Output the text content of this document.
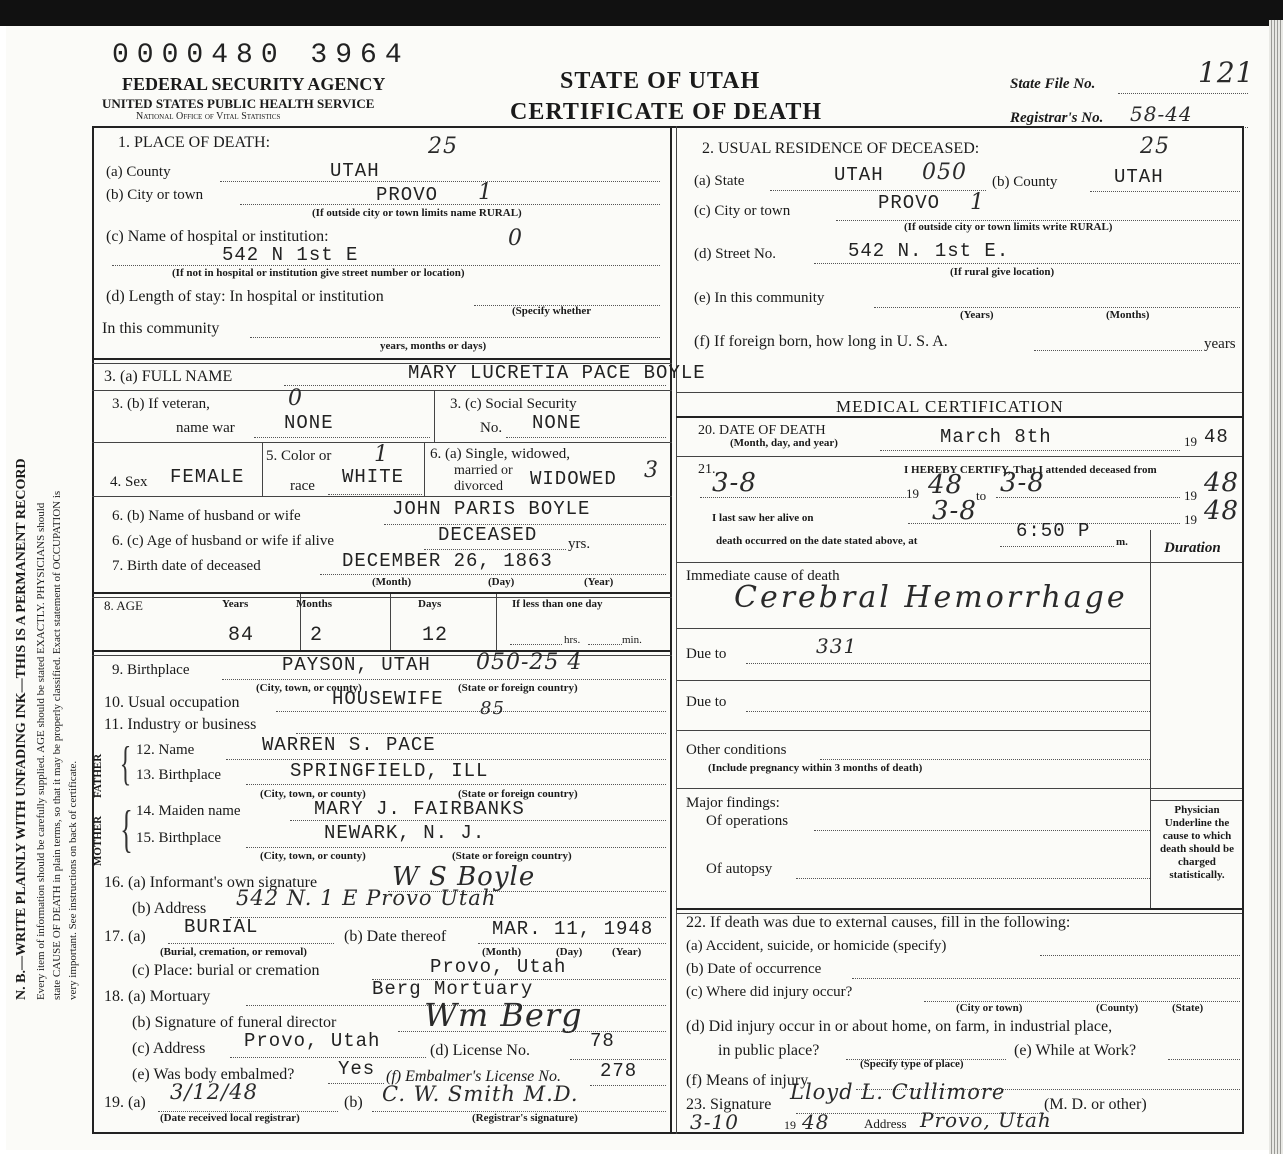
0000480 3964
FEDERAL SECURITY AGENCY
UNITED STATES PUBLIC HEALTH SERVICE
National Office of Vital Statistics
STATE OF UTAH
CERTIFICATE OF DEATH
State File No.	121
Registrar's No. 58-44
N. B.—WRITE PLAINLY WITH UNFADING INK—THIS IS A PERMANENT RECORD Every item of information should be carefully supplied. AGE should be stated EXACTLY. PHYSICIANS should state CAUSE OF DEATH in plain terms, so that it may be properly classified. Exact statement of OCCUPATION is very important. See instructions on back of certificate.
1. PLACE OF DEATH:	25
(a) County	UTAH
(b) City or town	PROVO 1
(If outside city or town limits name RURAL)
(c) Name of hospital or institution:	0
542 N 1st E
(If not in hospital or institution give street number or location)
(d) Length of stay: In hospital or institution
(Specify whether
In this community
years, months or days)
2. USUAL RESIDENCE OF DECEASED:	25
(a) State	UTAH 050 (b) County	UTAH
(c) City or town	PROVO 1
(If outside city or town limits write RURAL)
(d) Street No.	542 N. 1st E.
(If rural give location)
(e) In this community
(Years)	(Months)
(f) If foreign born, how long in U. S. A.	years
3. (a) FULL NAME	MARY LUCRETIA PACE BOYLE
3. (b) If veteran,	0
name war	NONE
3. (c) Social Security
No. NONE
4. Sex FEMALE
5. Color or 1
race WHITE
6. (a) Single, widowed,
married or
divorced WIDOWED 3
6. (b) Name of husband or wife	JOHN PARIS BOYLE
6. (c) Age of husband or wife if alive	DECEASED yrs.
7. Birth date of deceased	DECEMBER 26, 1863
(Month)	(Day)	(Year)
8. AGE	Years	Months	Days	If less than one day
84	2	12	hrs.	min.
9. Birthplace	PAYSON, UTAH 050-25 4
(City, town, or county)	(State or foreign country)
10. Usual occupation	HOUSEWIFE 85
11. Industry or business
FATHER
MOTHER
{
{
12. Name	WARREN S. PACE
13. Birthplace	SPRINGFIELD, ILL
(City, town, or county)	(State or foreign country)
14. Maiden name	MARY J. FAIRBANKS
15. Birthplace	NEWARK, N. J.
(City, town, or county)	(State or foreign country)
16. (a) Informant's own signature	W S Boyle
(b) Address 542 N. 1 E Provo Utah
17. (a) BURIAL
(Burial, cremation, or removal)
(b) Date thereof MAR. 11, 1948
(Month)	(Day)	(Year)
(c) Place: burial or cremation	Provo, Utah
18. (a) Mortuary	Berg Mortuary
(b) Signature of funeral director	Wm Berg
(c) Address Provo, Utah	(d) License No.	78
(e) Was body embalmed? Yes (f) Embalmer's License No. 278
19. (a) 3/12/48
(Date received local registrar)
(b) C. W. Smith M.D.
(Registrar's signature)
MEDICAL CERTIFICATION
20. DATE OF DEATH
(Month, day, and year)	March 8th	19 48
21.	I HEREBY CERTIFY, That I attended deceased from
3-8	19 48 to 3-8	19 48
I last saw her alive on	3-8	19 48
death occurred on the date stated above, at	6:50 P m. Duration
Immediate cause of death
Cerebral Hemorrhage
Due to	331
Due to
Other conditions
(Include pregnancy within 3 months of death)
Major findings:
Of operations
Of autopsy
Physician Underline the cause to which death should be charged statistically.
22. If death was due to external causes, fill in the following:
(a) Accident, suicide, or homicide (specify)
(b) Date of occurrence
(c) Where did injury occur?
(City or town)	(County)	(State)
(d) Did injury occur in or about home, on farm, in industrial place,
in public place?
(Specify type of place)
(e) While at Work?
(f) Means of injury
23. Signature
Lloyd L. Cullimore
(M. D. or other)
3-10	19 48	Address Provo, Utah
